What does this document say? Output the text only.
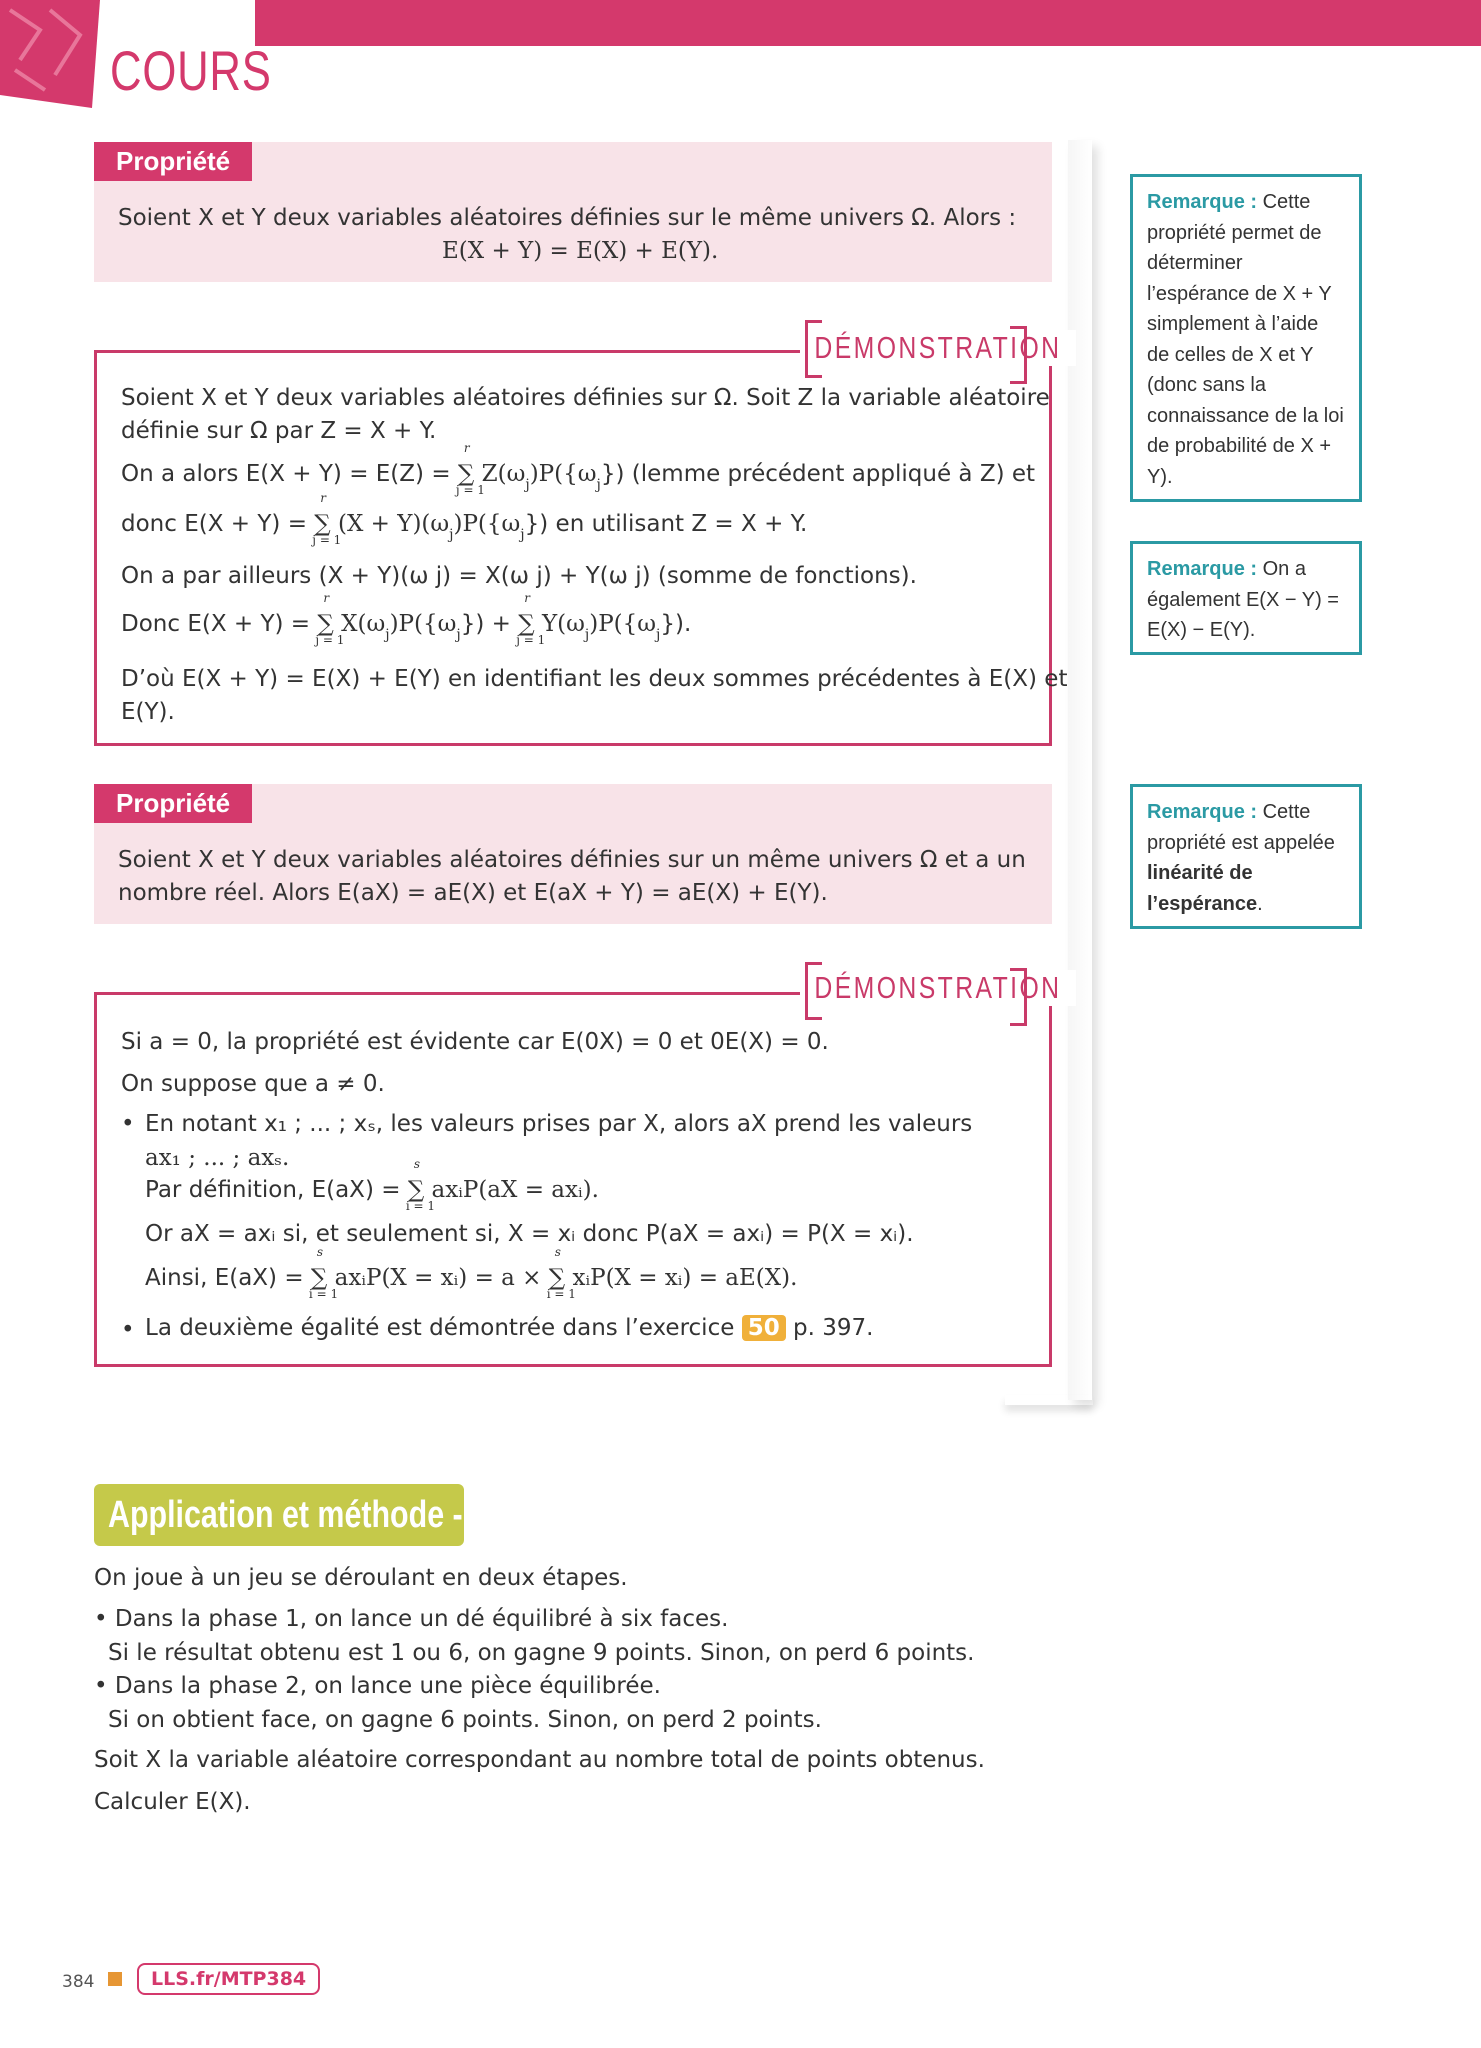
COURS
Propriété
Soient X et Y deux variables aléatoires définies sur le même univers Ω. Alors :
E(X + Y) = E(X) + E(Y).
Soient X et Y deux variables aléatoires définies sur Ω. Soit Z la variable aléatoire
définie sur Ω par Z = X + Y.
On a alors E(X + Y) = E(Z) = ∑
r
j = 1
$Z(\omega_j)P(\{\omega_j\})$ (lemme précédent appliqué à Z) et
donc E(X + Y) = ∑
r
j = 1
$(X + Y)(\omega_j)P(\{\omega_j\})$ en utilisant Z = X + Y.
On a par ailleurs (X + Y)(ω j) = X(ω j) + Y(ω j) (somme de fonctions).
Donc E(X + Y) = ∑
r
j = 1
$X(\omega_j)P(\{\omega_j\})$ + ∑
r
j = 1
$Y(\omega_j)P(\{\omega_j\})$.
D’où E(X + Y) = E(X) + E(Y) en identifiant les deux sommes précédentes à E(X) et
E(Y).
DÉMONSTRATION
Propriété
Soient X et Y deux variables aléatoires définies sur un même univers Ω et a un
nombre réel. Alors E(aX) = aE(X) et E(aX + Y) = aE(X) + E(Y).
Si a = 0, la propriété est évidente car E(0X) = 0 et 0E(X) = 0.
On suppose que a ≠ 0.
• En notant x₁ ; ... ; xₛ, les valeurs prises par X, alors aX prend les valeurs
ax₁ ; ... ; axₛ.
Par définition, E(aX) = ∑
s
i = 1
axᵢP(aX = axᵢ).
Or aX = axᵢ si, et seulement si, X = xᵢ donc P(aX = axᵢ) = P(X = xᵢ).
Ainsi, E(aX) = ∑
s
i = 1
axᵢP(X = xᵢ) = a × ∑
s
i = 1
xᵢP(X = xᵢ) = aE(X).
• La deuxième égalité est démontrée dans l’exercice 50 p. 397.
DÉMONSTRATION
Remarque : Cette propriété permet de déterminer l’espérance de X + Y simplement à l’aide de celles de X et Y (donc sans la connaissance de la loi de probabilité de X + Y).
Remarque : On a également E(X − Y) = E(X) − E(Y).
Remarque : Cette propriété est appelée linéarité de l’espérance.
Application et méthode - 2
On joue à un jeu se déroulant en deux étapes.
• Dans la phase 1, on lance un dé équilibré à six faces.
Si le résultat obtenu est 1 ou 6, on gagne 9 points. Sinon, on perd 6 points.
• Dans la phase 2, on lance une pièce équilibrée.
Si on obtient face, on gagne 6 points. Sinon, on perd 2 points.
Soit X la variable aléatoire correspondant au nombre total de points obtenus.
Calculer E(X).
384	LLS.fr/MTP384
